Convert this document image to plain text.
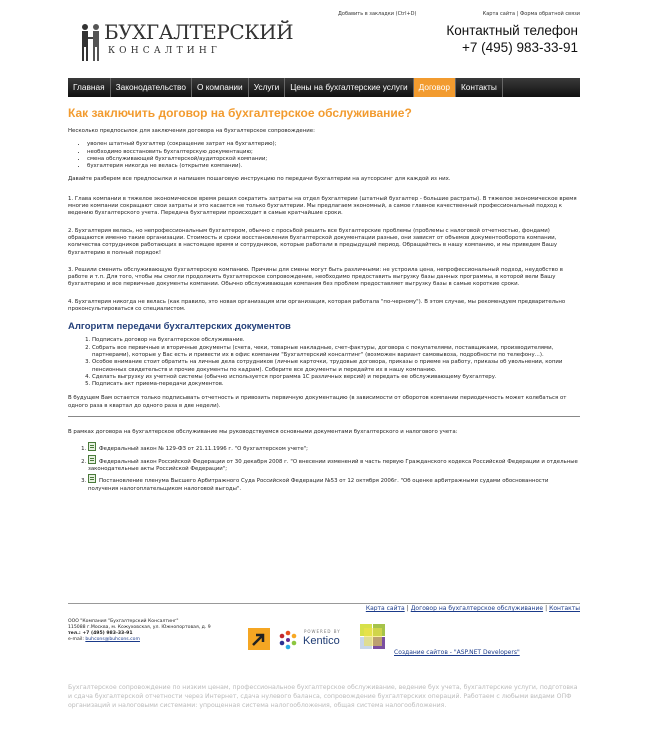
БУХГАЛТЕРСКИЙ
КОНСАЛТИНГ
Добавить в закладки (Ctrl+D)	Карта сайта | Форма обратной связи
Контактный телефон
+7 (495) 983-33-91
Главная	Законодательство	О компании	Услуги	Цены на бухгалтерские услуги	Договор	Контакты
Как заключить договор на бухгалтерское обслуживание?
Несколько предпосылок для заключения договора на бухгалтерское сопровождение:
• уволен штатный бухгалтер (сокращение затрат на бухгалтерию);
• необходимо восстановить бухгалтерскую документацию;
• смена обслуживающей бухгалтерской/аудиторской компании;
• бухгалтерия никогда не велась (открытие компании).
Давайте разберем все предпосылки и напишем пошаговую инструкцию по передачи бухгалтерии на аутсорсинг для каждой из них.
1. Глава компании в тяжелое экономическое время решил сократить затраты на отдел бухгалтерии (штатный бухгалтер - большие растраты). В тяжелое экономическое время многие компании сокращают свои затраты и это касается не только бухгалтерии. Мы предлагаем экономный, а самое главное качественный профессиональный подход к ведению бухгалтерского учета. Передача бухгалтерии происходит в самые кратчайшие сроки.
2. Бухгалтерия велась, но непрофессиональным бухгалтером, обычно с просьбой решить все бухгалтерские проблемы (проблемы с налоговой отчетностью, фондами) обращаются именно такие организации. Стоимость и сроки восстановления бухгалтерской документации разные, они зависят от объемов документооборота компании, количества сотрудников работающих в настоящее время и сотрудников, которые работали в предыдущий период. Обращайтесь в нашу компанию, и мы приведем Вашу бухгалтерию в полный порядок!
3. Решили сменить обслуживающую бухгалтерскую компанию. Причины для смены могут быть различными: не устроила цена, непрофессиональный подход, неудобство в работе и т.п. Для того, чтобы мы смогли продолжить бухгалтерское сопровождение, необходимо предоставить выгрузку базы данных программы, в которой вели Вашу бухгалтерию и все первичные документы компании. Обычно обслуживающая компания без проблем предоставляет выгрузку базы в самые короткие сроки.
4. Бухгалтерия никогда не велась (как правило, это новая организация или организация, которая работала "по-черному"). В этом случае, мы рекомендуем предварительно проконсультироваться со специалистом.
Алгоритм передачи бухгалтерских документов
1. Подписать договор на бухгалтерское обслуживание.
2. Собрать все первичные и вторичные документы (счета, чеки, товарные накладные, счет-фактуры, договора с покупателями, поставщиками, производителями, партнерами), которые у Вас есть и привести их в офис компании "Бухгалтерский консалтинг" (возможен вариант самовывоза, подробности по телефону...).
3. Особое внимание стоит обратить на личные дела сотрудников (личные карточки, трудовые договора, приказы о приеме на работу, приказы об увольнении, копии пенсионных свидетельств и прочие документы по кадрам). Соберите все документы и передайте их в нашу компанию.
4. Сделать выгрузку из учетной системы (обычно используется программа 1С различных версий) и передать ее обслуживающему бухгалтеру.
5. Подписать акт приема-передачи документов.
В будущем Вам остается только подписывать отчетность и привозить первичную документацию (в зависимости от оборотов компании периодичность может колебаться от одного раза в квартал до одного раза в две недели).
В рамках договора на бухгалтерское обслуживание мы руководствуемся основными документами бухгалтерского и налогового учета:
1. Федеральный закон № 129-ФЗ от 21.11.1996 г. "О бухгалтерском учете";
2. Федеральный закон Российской Федерации от 30 декабря 2008 г. "О внесении изменений в часть первую Гражданского кодекса Российской Федерации и отдельные законодательные акты Российской Федерации";
3. Постановление пленума Высшего Арбитражного Суда Российской Федерации №53 от 12 октября 2006г. "Об оценке арбитражными судами обоснованности получения налогоплательщиком налоговой выгоды".
Карта сайта | Договор на бухгалтерское обслуживание | Контакты
ООО "Компания "Бухгалтерский Консалтинг"
115088 г.Москва, м. Кожуховская, ул. Южнопортовая, д. 9
тел.: +7 (495) 983-33-91
e-mail: buhcons@buhcons.com
POWERED BY
Kentico
Создание сайтов - "ASP.NET Developers"
Бухгалтерское сопровождение по низким ценам, профессиональное бухгалтерское обслуживание, ведение бух учета, бухгалтерские услуги, подготовка и сдача бухгалтерской отчетности через Интернет, сдача нулевого баланса, сопровождение бухгалтерских операций. Работаем с любыми видами ОПФ организаций и налоговыми системами: упрощенная система налогообложения, общая система налогообложения.
